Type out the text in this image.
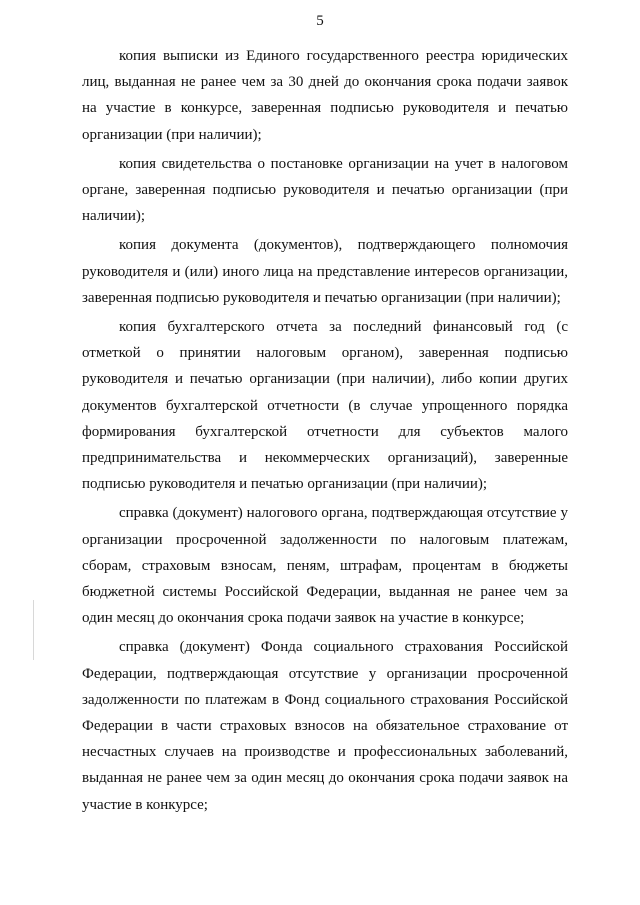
5

копия выписки из Единого государственного реестра юридических лиц, выданная не ранее чем за 30 дней до окончания срока подачи заявок на участие в конкурсе, заверенная подписью руководителя и печатью организации (при наличии);

копия свидетельства о постановке организации на учет в налоговом органе, заверенная подписью руководителя и печатью организации (при наличии);

копия документа (документов), подтверждающего полномочия руководителя и (или) иного лица на представление интересов организации, заверенная подписью руководителя и печатью организации (при наличии);

копия бухгалтерского отчета за последний финансовый год (с отметкой о принятии налоговым органом), заверенная подписью руководителя и печатью организации (при наличии), либо копии других документов бухгалтерской отчетности (в случае упрощенного порядка формирования бухгалтерской отчетности для субъектов малого предпринимательства и некоммерческих организаций), заверенные подписью руководителя и печатью организации (при наличии);

справка (документ) налогового органа, подтверждающая отсутствие у организации просроченной задолженности по налоговым платежам, сборам, страховым взносам, пеням, штрафам, процентам в бюджеты бюджетной системы Российской Федерации, выданная не ранее чем за один месяц до окончания срока подачи заявок на участие в конкурсе;

справка (документ) Фонда социального страхования Российской Федерации, подтверждающая отсутствие у организации просроченной задолженности по платежам в Фонд социального страхования Российской Федерации в части страховых взносов на обязательное страхование от несчастных случаев на производстве и профессиональных заболеваний, выданная не ранее чем за один месяц до окончания срока подачи заявок на участие в конкурсе;
